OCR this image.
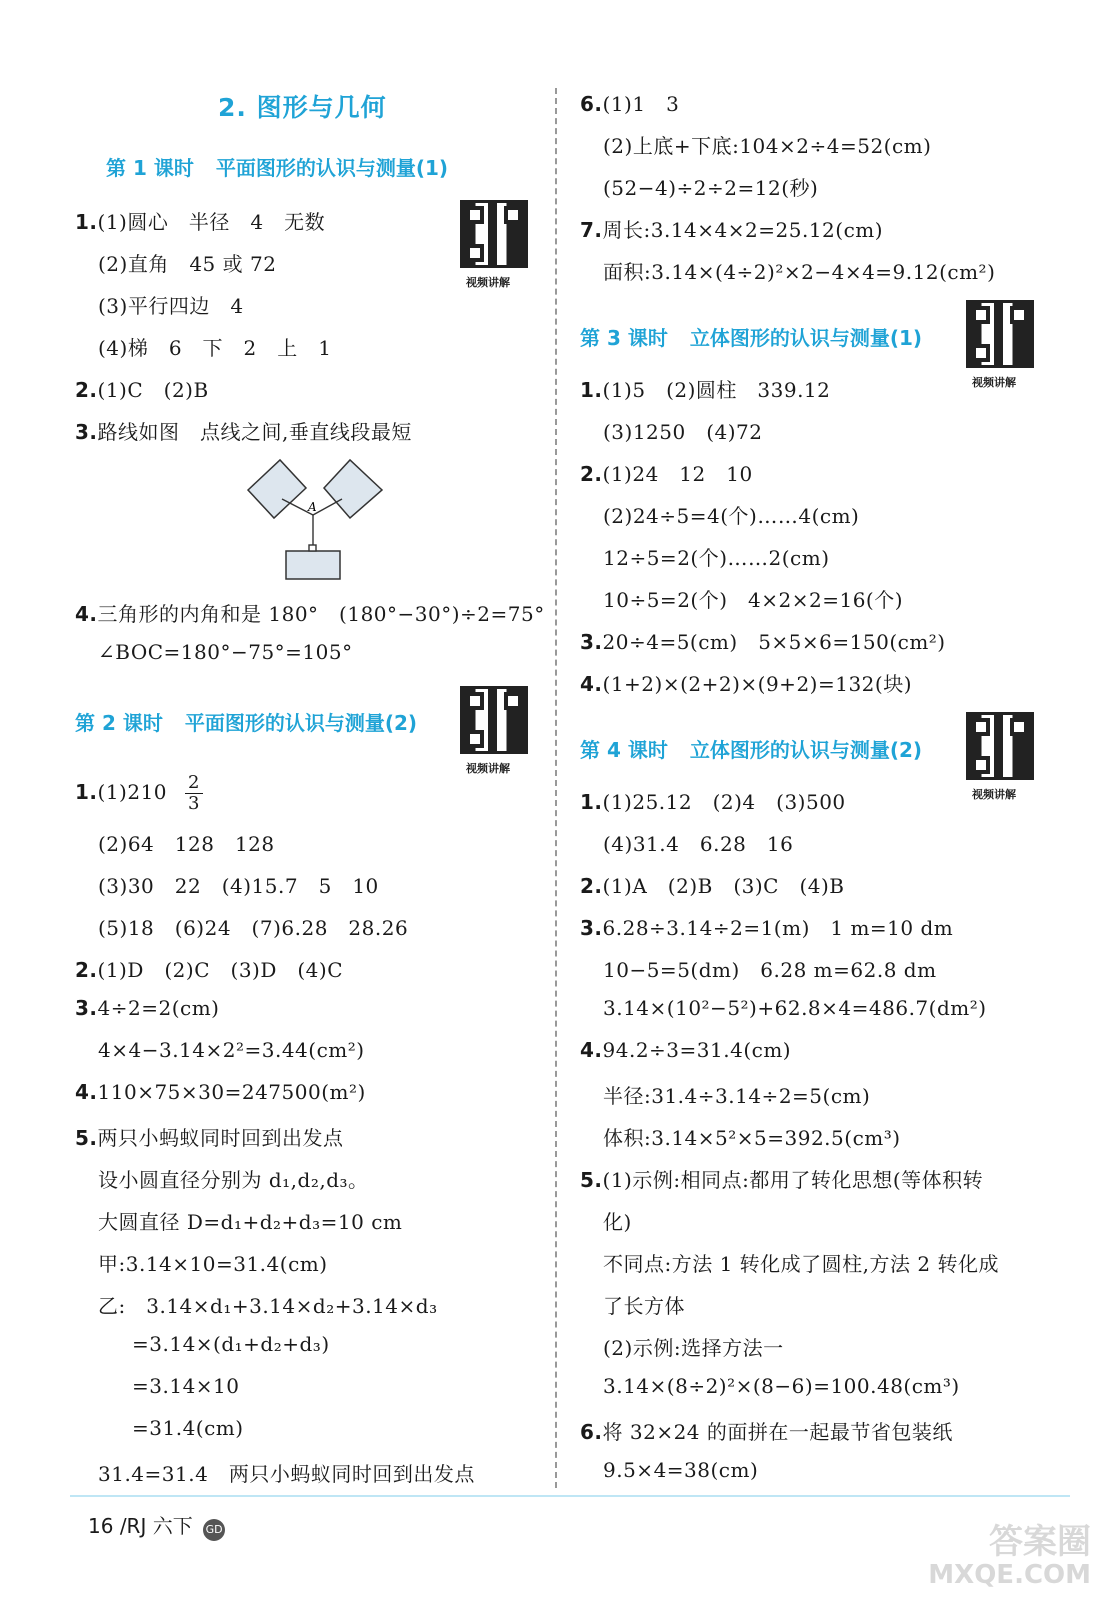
2. 图形与几何
第 1 课时 平面图形的认识与测量(1)
视频讲解
1.(1)圆心　半径　4　无数
(2)直角　45 或 72
(3)平行四边　4
(4)梯　6　下　2　上　1
2.(1)C　(2)B
3.路线如图　点线之间,垂直线段最短
A
4.三角形的内角和是 180°　(180°−30°)÷2=75°
∠BOC=180°−75°=105°
第 2 课时 平面图形的认识与测量(2)
视频讲解
$1.(1)210 \frac{2}{3}$
(2)64　128　128
(3)30　22　(4)15.7　5　10
(5)18　(6)24　(7)6.28　28.26
2.(1)D　(2)C　(3)D　(4)C
3.4÷2=2(cm)
4×4−3.14×2²=3.44(cm²)
4.110×75×30=247500(m²)
5.两只小蚂蚁同时回到出发点
设小圆直径分别为 d₁,d₂,d₃。
大圆直径 D=d₁+d₂+d₃=10 cm
甲:3.14×10=31.4(cm)
乙:　3.14×d₁+3.14×d₂+3.14×d₃
=3.14×(d₁+d₂+d₃)
=3.14×10
=31.4(cm)
31.4=31.4　两只小蚂蚁同时回到出发点
6.(1)1　3
(2)上底+下底:104×2÷4=52(cm)
(52−4)÷2÷2=12(秒)
7.周长:3.14×4×2=25.12(cm)
面积:3.14×(4÷2)²×2−4×4=9.12(cm²)
第 3 课时 立体图形的认识与测量(1)
视频讲解
1.(1)5　(2)圆柱　339.12
(3)1250　(4)72
2.(1)24　12　10
(2)24÷5=4(个)……4(cm)
12÷5=2(个)……2(cm)
10÷5=2(个)　4×2×2=16(个)
3.20÷4=5(cm)　5×5×6=150(cm²)
4.(1+2)×(2+2)×(9+2)=132(块)
第 4 课时 立体图形的认识与测量(2)
视频讲解
1.(1)25.12　(2)4　(3)500
(4)31.4　6.28　16
2.(1)A　(2)B　(3)C　(4)B
3.6.28÷3.14÷2=1(m)　1 m=10 dm
10−5=5(dm)　6.28 m=62.8 dm
3.14×(10²−5²)+62.8×4=486.7(dm²)
4.94.2÷3=31.4(cm)
半径:31.4÷3.14÷2=5(cm)
体积:3.14×5²×5=392.5(cm³)
5.(1)示例:相同点:都用了转化思想(等体积转
化)
不同点:方法 1 转化成了圆柱,方法 2 转化成
了长方体
(2)示例:选择方法一
3.14×(8÷2)²×(8−6)=100.48(cm³)
6.将 32×24 的面拼在一起最节省包装纸
9.5×4=38(cm)
16 /RJ 六下 GD	答案圈
MXQE.COM
